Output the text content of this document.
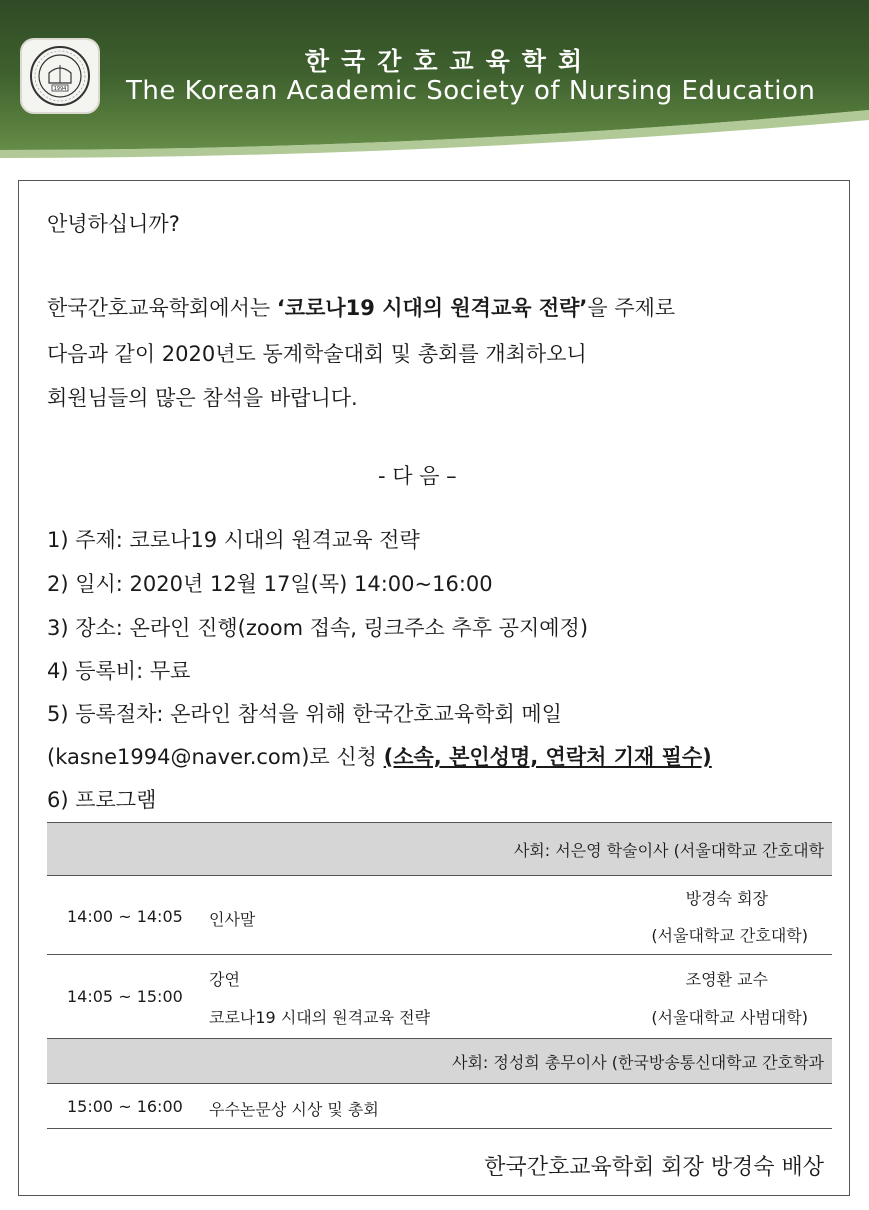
1994
한국간호교육학회
The Korean Academic Society of Nursing Education
안녕하십니까?
한국간호교육학회에서는 ‘코로나19 시대의 원격교육 전략’을 주제로
다음과 같이 2020년도 동계학술대회 및 총회를 개최하오니
회원님들의 많은 참석을 바랍니다.
- 다 음 –
1) 주제: 코로나19 시대의 원격교육 전략
2) 일시: 2020년 12월 17일(목) 14:00~16:00
3) 장소: 온라인 진행(zoom 접속, 링크주소 추후 공지예정)
4) 등록비: 무료
5) 등록절차: 온라인 참석을 위해 한국간호교육학회 메일
(kasne1994@naver.com)로 신청 (소속, 본인성명, 연락처 기재 필수)
6) 프로그램
사회: 서은영 학술이사 (서울대학교 간호대학
14:00 ~ 14:05 인사말
방경숙 회장
(서울대학교 간호대학)
14:05 ~ 15:00
강연
코로나19 시대의 원격교육 전략
조영환 교수
(서울대학교 사범대학)
사회: 정성희 총무이사 (한국방송통신대학교 간호학과
15:00 ~ 16:00 우수논문상 시상 및 총회
한국간호교육학회 회장 방경숙 배상
